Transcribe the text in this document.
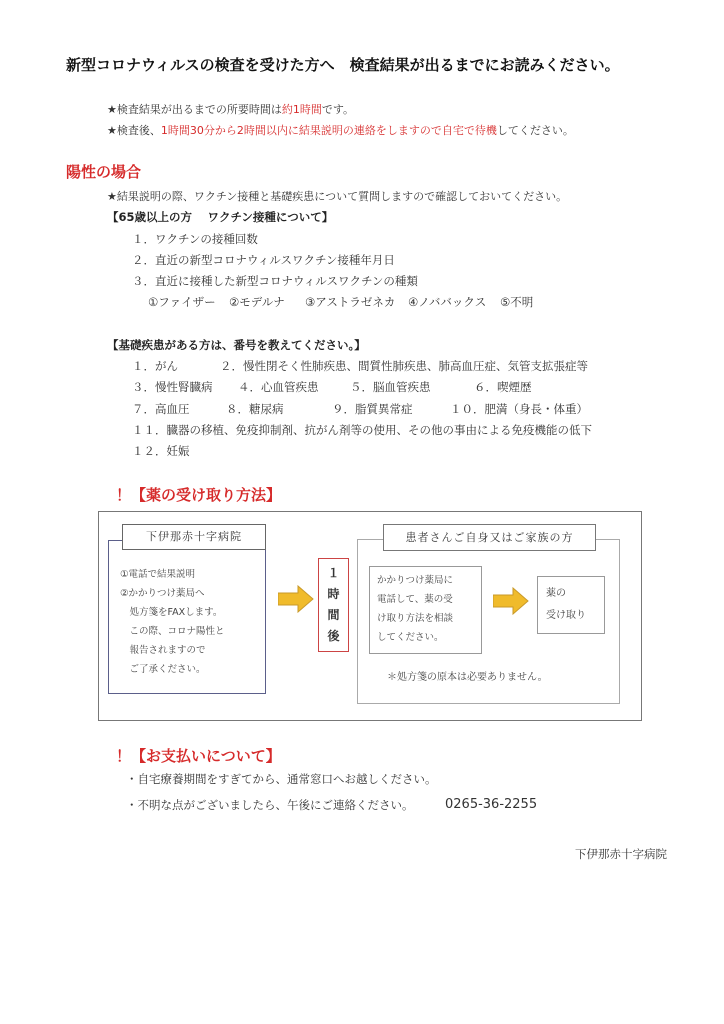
新型コロナウィルスの検査を受けた方へ　検査結果が出るまでにお読みください。
★検査結果が出るまでの所要時間は約1時間です。
★検査後、1時間30分から2時間以内に結果説明の連絡をしますので自宅で待機してください。
陽性の場合
★結果説明の際、ワクチン接種と基礎疾患について質問しますので確認しておいてください。
【65歳以上の方　 ワクチン接種について】
１．ワクチンの接種回数
２．直近の新型コロナウィルスワクチン接種年月日
３．直近に接種した新型コロナウィルスワクチンの種類
①ファイザー ②モデルナ ③アストラゼネカ ④ノババックス ⑤不明
【基礎疾患がある方は、番号を教えてください。】
１．がん	２．慢性閉そく性肺疾患、間質性肺疾患、肺高血圧症、気管支拡張症等
３．慢性腎臓病 ４．心血管疾患	５．脳血管疾患	６．喫煙歴
７．高血圧	８．糖尿病	９．脂質異常症	１０．肥満（身長・体重）
１１．臓器の移植、免疫抑制剤、抗がん剤等の使用、その他の事由による免疫機能の低下
１２．妊娠
！【薬の受け取り方法】
下伊那赤十字病院
①電話で結果説明
②かかりつけ薬局へ
　処方箋をFAXします。
　この際、コロナ陽性と
　報告されますので
　ご了承ください。
１
時
間
後
患者さんご自身又はご家族の方
かかりつけ薬局に
電話して、薬の受
け取り方法を相談
してください。
薬の
受け取り
＊処方箋の原本は必要ありません。
！【お支払いについて】
・自宅療養期間をすぎてから、通常窓口へお越しください。
・不明な点がございましたら、午後にご連絡ください。 0265-36-2255
下伊那赤十字病院
